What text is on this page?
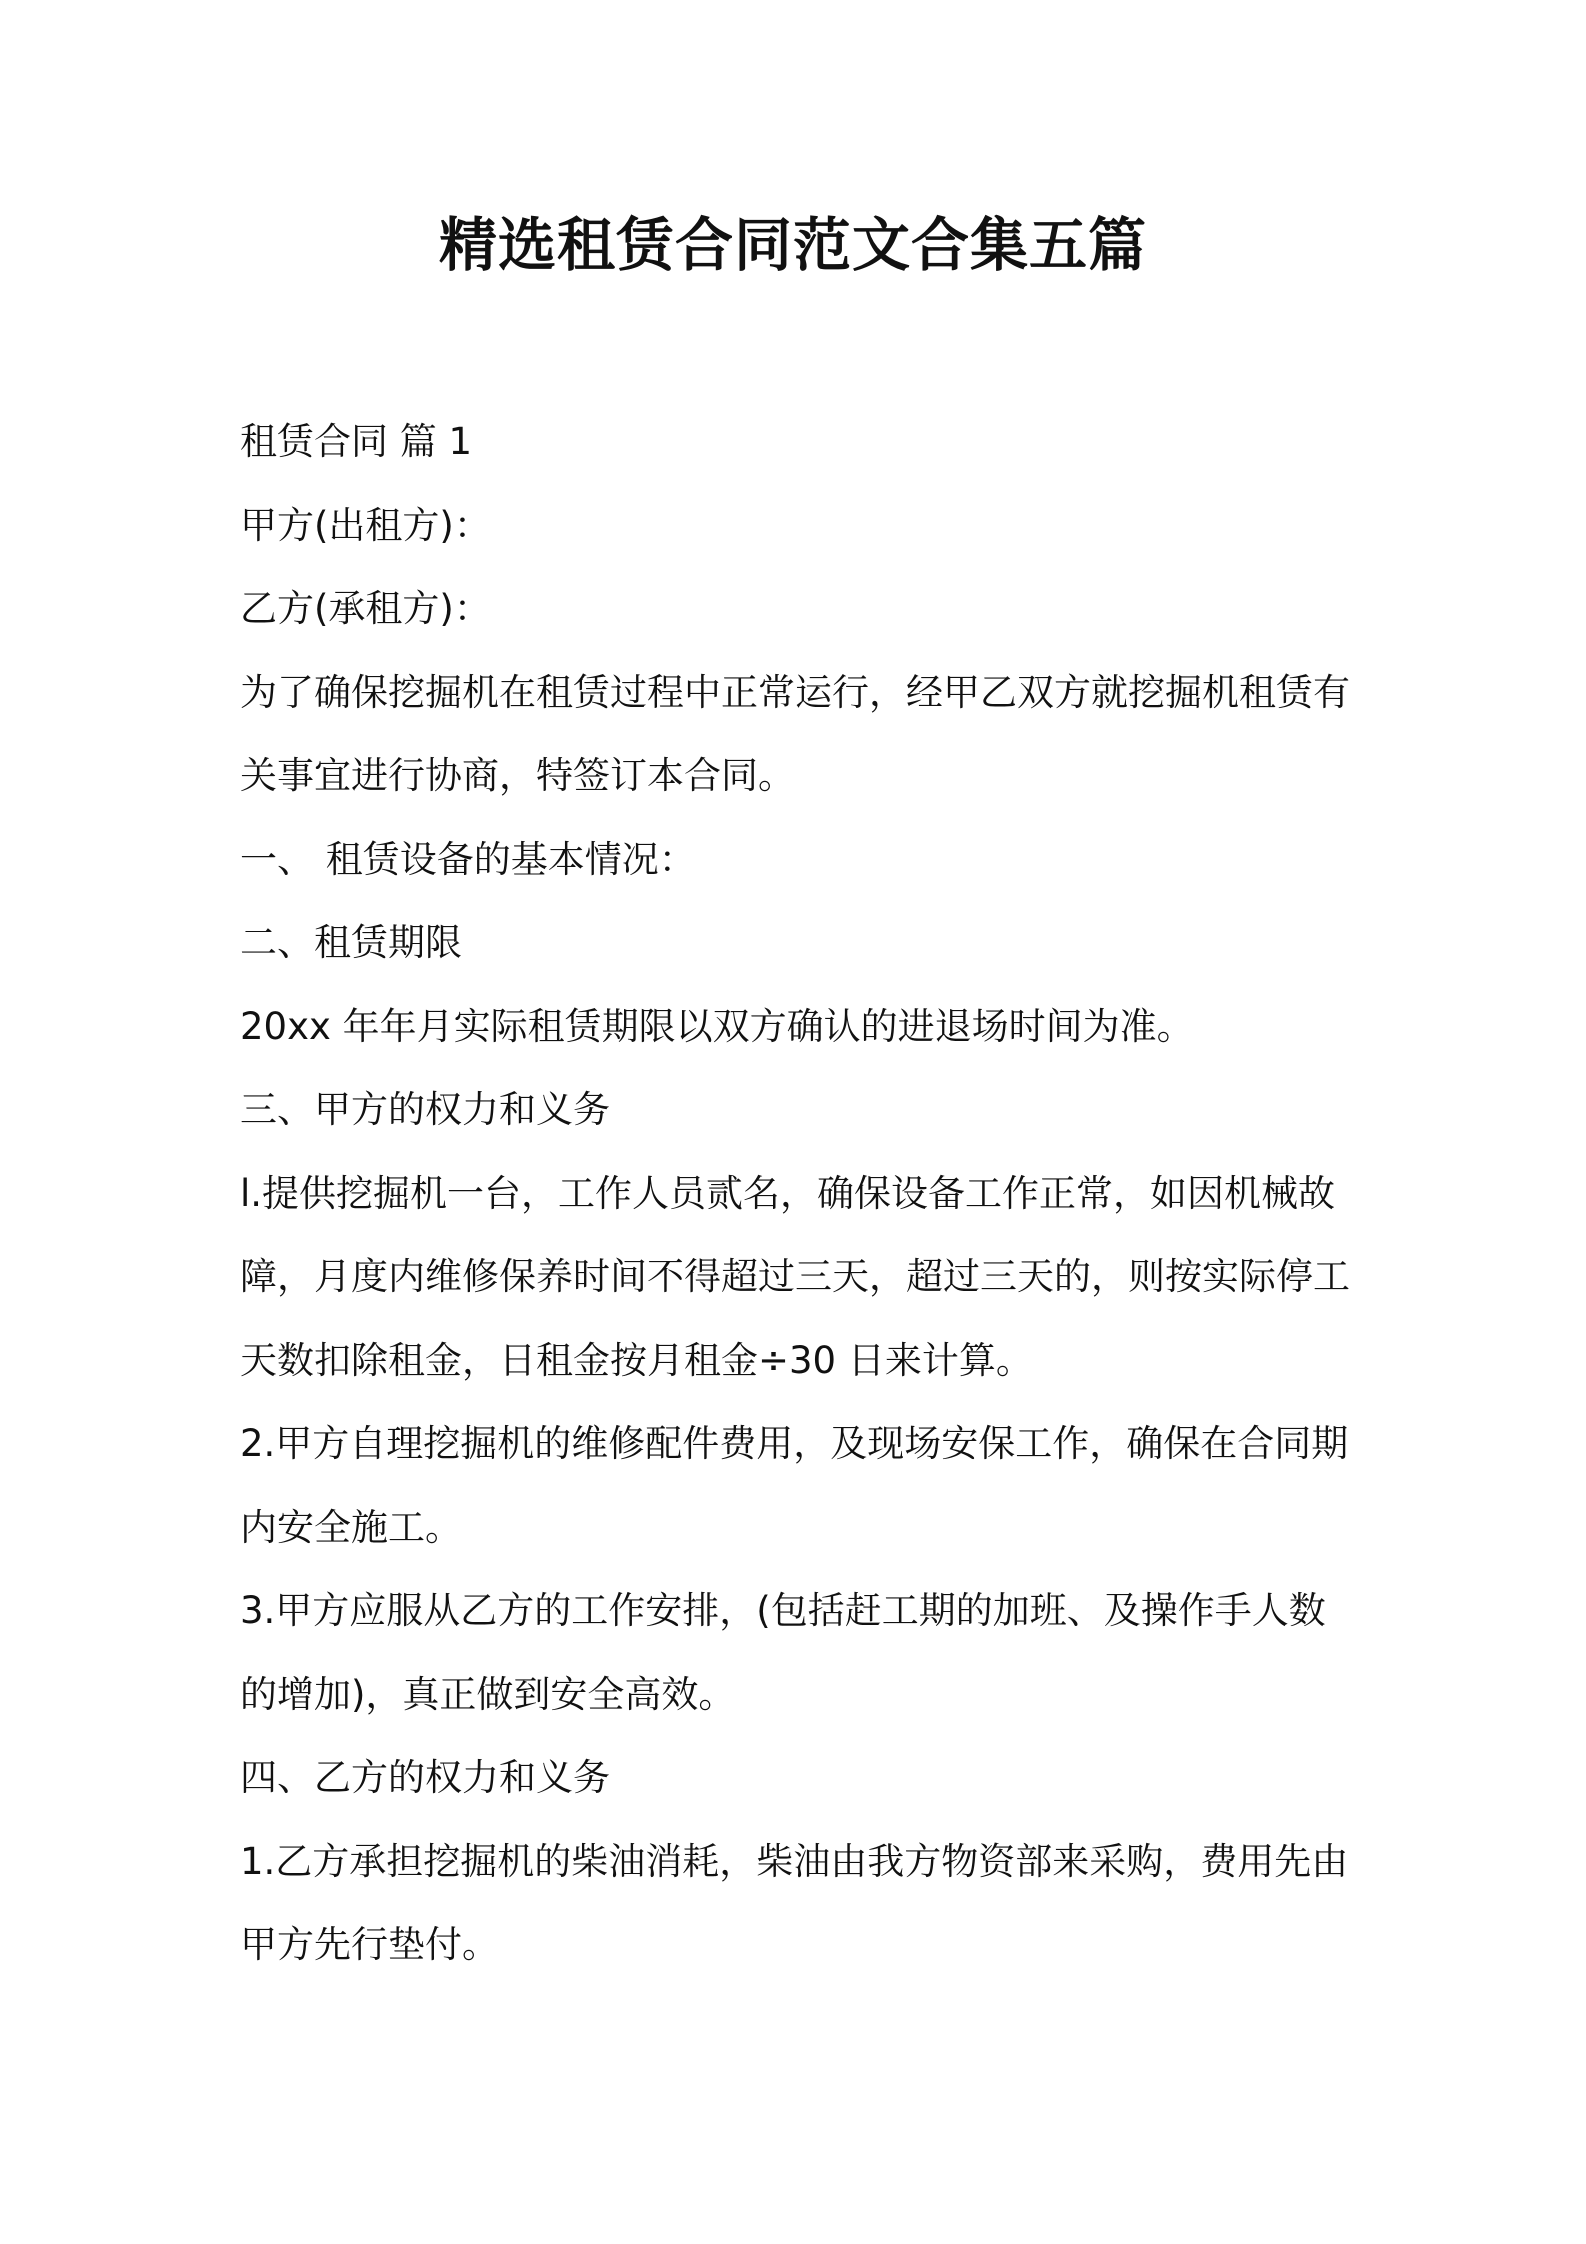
精选租赁合同范文合集五篇

租赁合同 篇 1

甲方(出租方)：

乙方(承租方)：

为了确保挖掘机在租赁过程中正常运行，经甲乙双方就挖掘机租赁有

关事宜进行协商，特签订本合同。

一、 租赁设备的基本情况：

二、租赁期限

20xx 年年月实际租赁期限以双方确认的进退场时间为准。

三、甲方的权力和义务

l.提供挖掘机一台，工作人员贰名，确保设备工作正常，如因机械故

障，月度内维修保养时间不得超过三天，超过三天的，则按实际停工

天数扣除租金，日租金按月租金÷30 日来计算。

2.甲方自理挖掘机的维修配件费用，及现场安保工作，确保在合同期

内安全施工。

3.甲方应服从乙方的工作安排，(包括赶工期的加班、及操作手人数

的增加)，真正做到安全高效。

四、乙方的权力和义务

1.乙方承担挖掘机的柴油消耗，柴油由我方物资部来采购，费用先由

甲方先行垫付。
